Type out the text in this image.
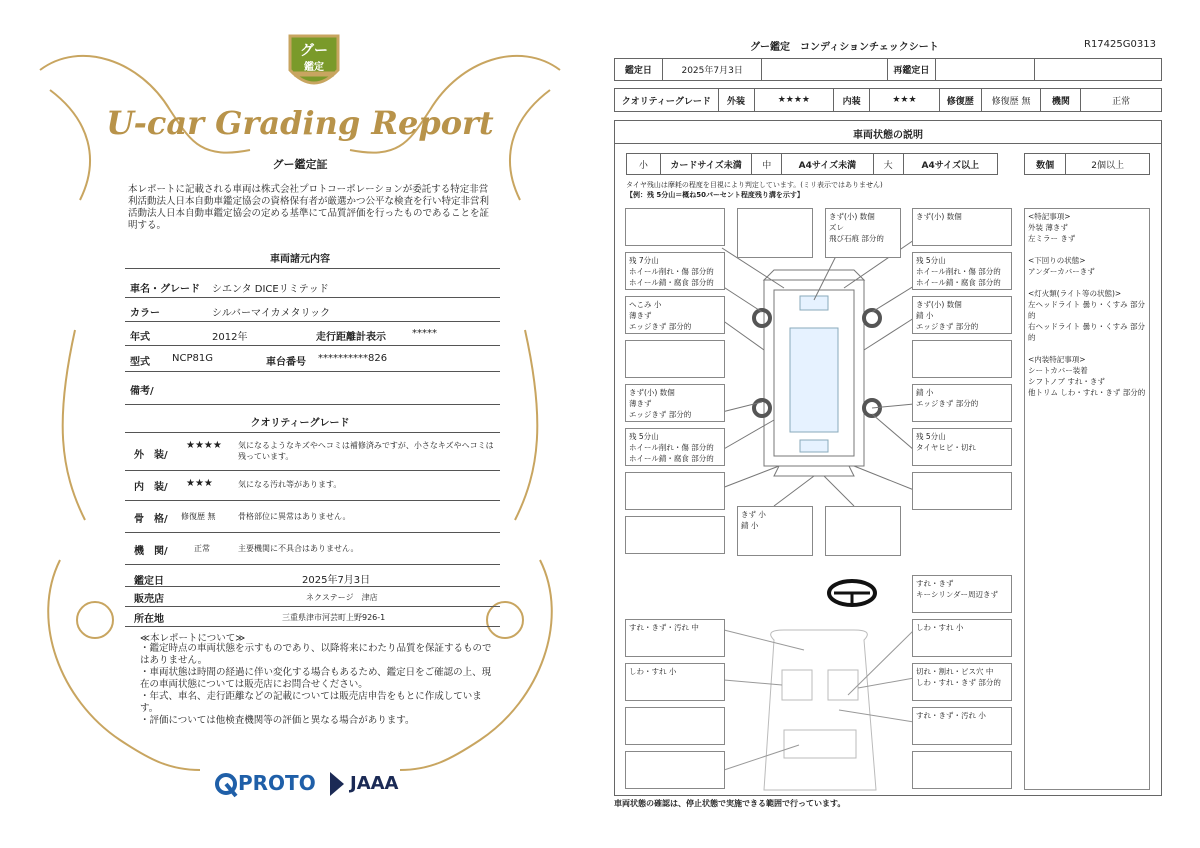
グー
鑑定
U-car Grading Report
グー鑑定証
本レポートに記載される車両は株式会社プロトコーポレーションが委託する特定非営利活動法人日本自動車鑑定協会の資格保有者が厳選かつ公平な検査を行い特定非営利活動法人日本自動車鑑定協会の定める基準にて品質評価を行ったものであることを証明する。
車両諸元内容
車名・グレード シエンタ DICEリミテッド
カラー	シルバーマイカメタリック
年式	2012年	走行距離計表示	*****
型式 NCP81G	車台番号 **********826
備考/
クオリティーグレード
外　装/
★★★★ 気になるようなキズやヘコミは補修済みですが、小さなキズやヘコミは残っています。
内　装/ ★★★	気になる汚れ等があります。
骨　格/ 修復歴 無	骨格部位に異常はありません。
機　関/	正常	主要機関に不具合はありません。
鑑定日	2025年7月3日
販売店	ネクステージ　津店
所在地	三重県津市河芸町上野926-1
≪本レポートについて≫
・鑑定時点の車両状態を示すものであり、以降将来にわたり品質を保証するものではありません。
・車両状態は時間の経過に伴い変化する場合もあるため、鑑定日をご確認の上、現在の車両状態については販売店にお問合せください。
・年式、車名、走行距離などの記載については販売店申告をもとに作成しています。
・評価については他検査機関等の評価と異なる場合があります。
PROTO JAAA
グー鑑定　コンディションチェックシート	R17425G0313
鑑定日	2025年7月3日	再鑑定日
クオリティーグレード	外装	★★★★	内装	★★★	修復歴	修復歴 無	機関	正常
車両状態の説明
小	カードサイズ未満	中	A4サイズ未満	大	A4サイズ以上	数個	2個以上
タイヤ残山は摩耗の程度を目視により判定しています。(ミリ表示ではありません)
【例：残 5分山＝概ね50パーセント程度残り溝を示す】
きず(小) 数個
ズレ
飛び石痕 部分的
きず(小) 数個
残 7分山
ホイール削れ・傷 部分的
ホイール錆・腐食 部分的
へこみ 小
薄きず
エッジきず 部分的
きず(小) 数個
薄きず
エッジきず 部分的
残 5分山
ホイール削れ・傷 部分的
ホイール錆・腐食 部分的
残 5分山
ホイール削れ・傷 部分的
ホイール錆・腐食 部分的
きず(小) 数個
錆 小
エッジきず 部分的
錆 小
エッジきず 部分的
残 5分山
タイヤヒビ・切れ
きず 小
錆 小
すれ・きず
キーシリンダー周辺きず
すれ・きず・汚れ 中
しわ・すれ 小
しわ・すれ 小
切れ・割れ・ビス穴 中
しわ・すれ・きず 部分的
すれ・きず・汚れ 小
<特記事項>
外装 薄きず
左ミラー きず
<下回りの状態>
アンダーカバーきず
<灯火類(ライト等の状態)>
左ヘッドライト 曇り・くすみ 部分的
右ヘッドライト 曇り・くすみ 部分的
<内装特記事項>
シートカバー装着
シフトノブ すれ・きず
他トリム しわ・すれ・きず 部分的
車両状態の確認は、停止状態で実施できる範囲で行っています。
